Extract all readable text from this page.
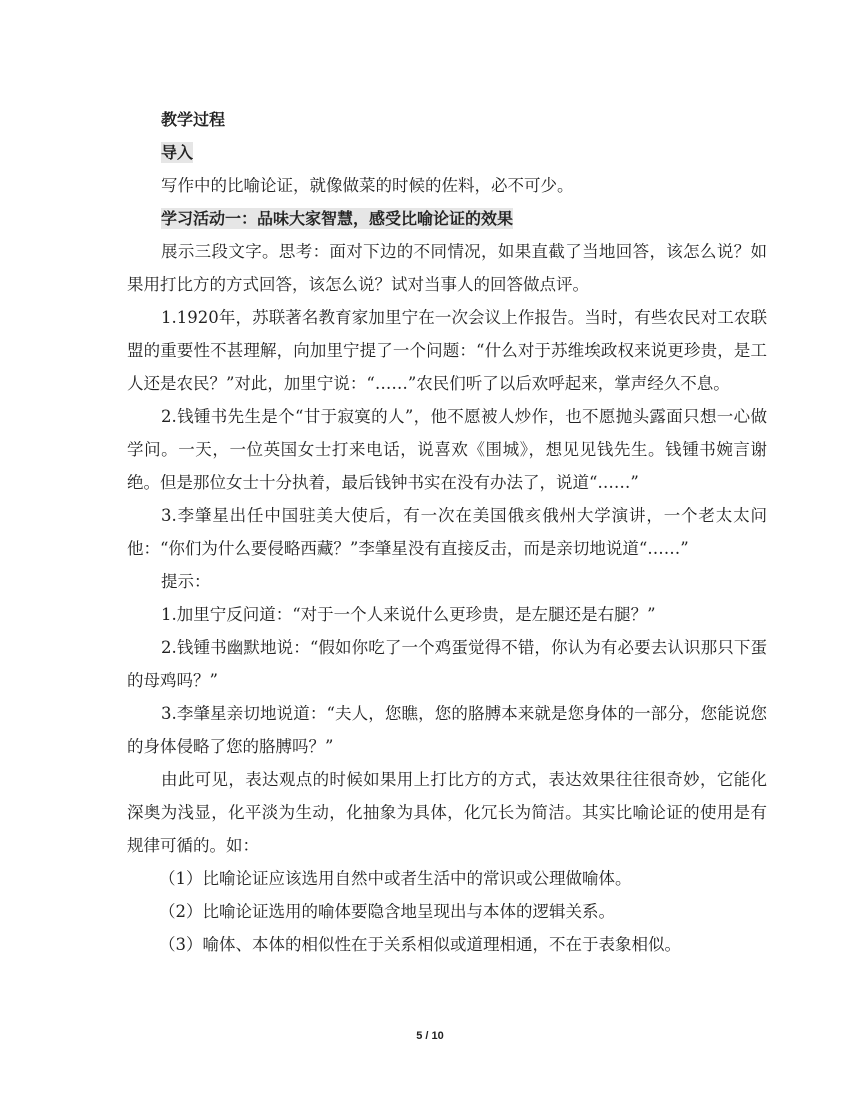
教学过程
导入
写作中的比喻论证，就像做菜的时候的佐料，必不可少。
学习活动一：品味大家智慧，感受比喻论证的效果
展示三段文字。思考：面对下边的不同情况，如果直截了当地回答，该怎么说？如果用打比方的方式回答，该怎么说？试对当事人的回答做点评。
1.1920年，苏联著名教育家加里宁在一次会议上作报告。当时，有些农民对工农联盟的重要性不甚理解，向加里宁提了一个问题：“什么对于苏维埃政权来说更珍贵，是工人还是农民？”对此，加里宁说：“……”农民们听了以后欢呼起来，掌声经久不息。
2.钱锺书先生是个“甘于寂寞的人”，他不愿被人炒作，也不愿抛头露面只想一心做学问。一天，一位英国女士打来电话，说喜欢《围城》，想见见钱先生。钱锺书婉言谢绝。但是那位女士十分执着，最后钱钟书实在没有办法了，说道“……”
3.李肇星出任中国驻美大使后，有一次在美国俄亥俄州大学演讲，一个老太太问他：“你们为什么要侵略西藏？”李肇星没有直接反击，而是亲切地说道“……”
提示：
1.加里宁反问道：“对于一个人来说什么更珍贵，是左腿还是右腿？”
2.钱锺书幽默地说：“假如你吃了一个鸡蛋觉得不错，你认为有必要去认识那只下蛋的母鸡吗？”
3.李肇星亲切地说道：“夫人，您瞧，您的胳膊本来就是您身体的一部分，您能说您的身体侵略了您的胳膊吗？”
由此可见，表达观点的时候如果用上打比方的方式，表达效果往往很奇妙，它能化深奥为浅显，化平淡为生动，化抽象为具体，化冗长为简洁。其实比喻论证的使用是有规律可循的。如：
（1）比喻论证应该选用自然中或者生活中的常识或公理做喻体。
（2）比喻论证选用的喻体要隐含地呈现出与本体的逻辑关系。
（3）喻体、本体的相似性在于关系相似或道理相通，不在于表象相似。
5 / 10
